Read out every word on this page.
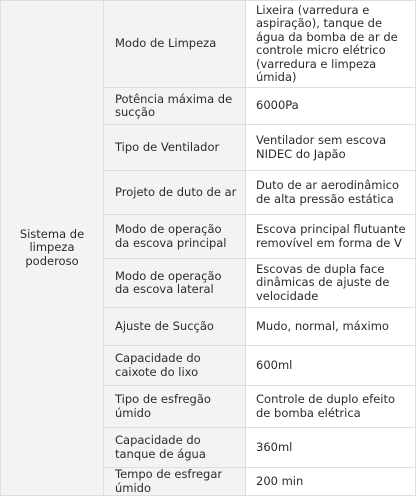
Sistema de limpeza poderoso	Modo de Limpeza	Lixeira (varredura e aspiração), tanque de água da bomba de ar de controle micro elétrico (varredura e limpeza úmida)
	Potência máxima de sucção	6000Pa
	Tipo de Ventilador	Ventilador sem escova NIDEC do Japão
	Projeto de duto de ar	Duto de ar aerodinâmico de alta pressão estática
	Modo de operação da escova principal	Escova principal flutuante removível em forma de V
	Modo de operação da escova lateral	Escovas de dupla face dinâmicas de ajuste de velocidade
	Ajuste de Sucção	Mudo, normal, máximo
	Capacidade do caixote do lixo	600ml
	Tipo de esfregão úmido	Controle de duplo efeito de bomba elétrica
	Capacidade do tanque de água	360ml
	Tempo de esfregar úmido	200 min
